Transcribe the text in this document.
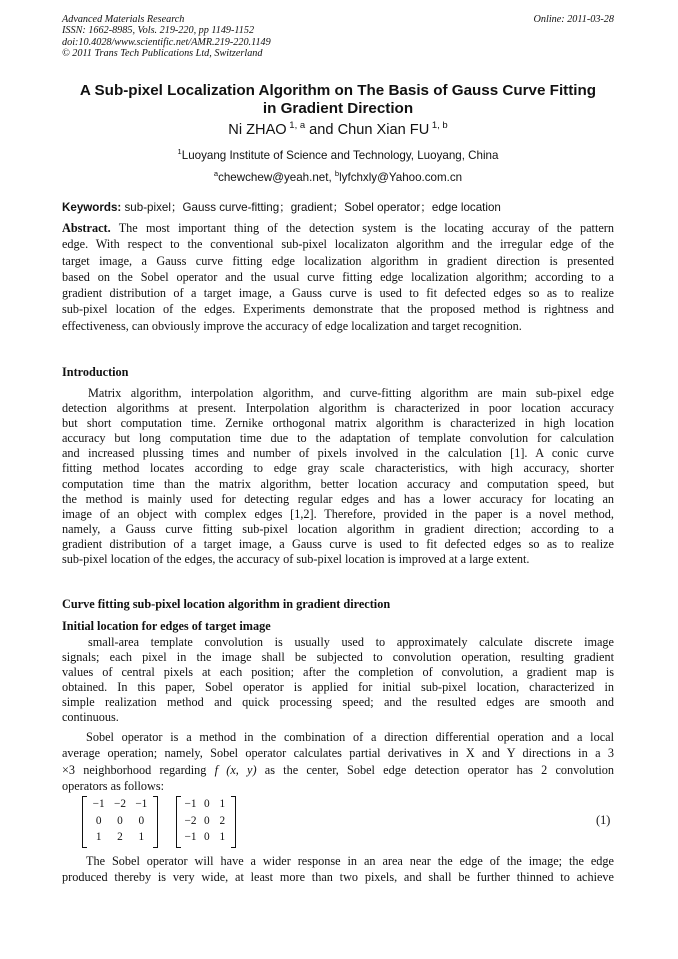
Advanced Materials Research
ISSN: 1662-8985, Vols. 219-220, pp 1149-1152
doi:10.4028/www.scientific.net/AMR.219-220.1149
© 2011 Trans Tech Publications Ltd, Switzerland
Online: 2011-03-28
A Sub-pixel Localization Algorithm on The Basis of Gauss Curve Fitting
in Gradient Direction
Ni ZHAO $^{1, a}$ and Chun Xian FU $^{1, b}$
$^1$Luoyang Institute of Science and Technology, Luoyang, China
$^a$chewchew@yeah.net, $^b$lyfchxly@Yahoo.com.cn
Keywords: sub-pixel；Gauss curve-fitting；gradient；Sobel operator；edge location
Abstract. The most important thing of the detection system is the locating accuray of the pattern
edge. With respect to the conventional sub-pixel localizaton algorithm and the irregular edge of the
target image, a Gauss curve fitting edge localization algorithm in gradient direction is presented
based on the Sobel operator and the usual curve fitting edge localization algorithm; according to a
gradient distribution of a target image, a Gauss curve is used to fit defected edges so as to realize
sub-pixel location of the edges. Experiments demonstrate that the proposed method is rightness and
effectiveness, can obviously improve the accuracy of edge localization and target recognition.
Introduction
Matrix algorithm, interpolation algorithm, and curve-fitting algorithm are main sub-pixel edge
detection algorithms at present. Interpolation algorithm is characterized in poor location accuracy
but short computation time. Zernike orthogonal matrix algorithm is characterized in high location
accuracy but long computation time due to the adaptation of template convolution for calculation
and increased plussing times and number of pixels involved in the calculation [1]. A conic curve
fitting method locates according to edge gray scale characteristics, with high accuracy, shorter
computation time than the matrix algorithm, better location accuracy and computation speed, but
the method is mainly used for detecting regular edges and has a lower accuracy for locating an
image of an object with complex edges [1,2]. Therefore, provided in the paper is a novel method,
namely, a Gauss curve fitting sub-pixel location algorithm in gradient direction; according to a
gradient distribution of a target image, a Gauss curve is used to fit defected edges so as to realize
sub-pixel location of the edges, the accuracy of sub-pixel location is improved at a large extent.
Curve fitting sub-pixel location algorithm in gradient direction
Initial location for edges of target image
small-area template convolution is usually used to approximately calculate discrete image
signals; each pixel in the image shall be subjected to convolution operation, resulting gradient
values of central pixels at each position; after the completion of convolution, a gradient map is
obtained. In this paper, Sobel operator is applied for initial sub-pixel location, characterized in
simple realization method and quick processing speed; and the resulted edges are smooth and
continuous.
Sobel operator is a method in the combination of a direction differential operation and a local
average operation; namely, Sobel operator calculates partial derivatives in X and Y directions in a 3
×3 neighborhood regarding f (x, y) as the center, Sobel edge detection operator has 2 convolution
operators as follows:
−1	−2	−1
0	0	0
1	2	1
−1	0	1
−2	0	2
−1	0	1
(1)
The Sobel operator will have a wider response in an area near the edge of the image; the edge
produced thereby is very wide, at least more than two pixels, and shall be further thinned to achieve
